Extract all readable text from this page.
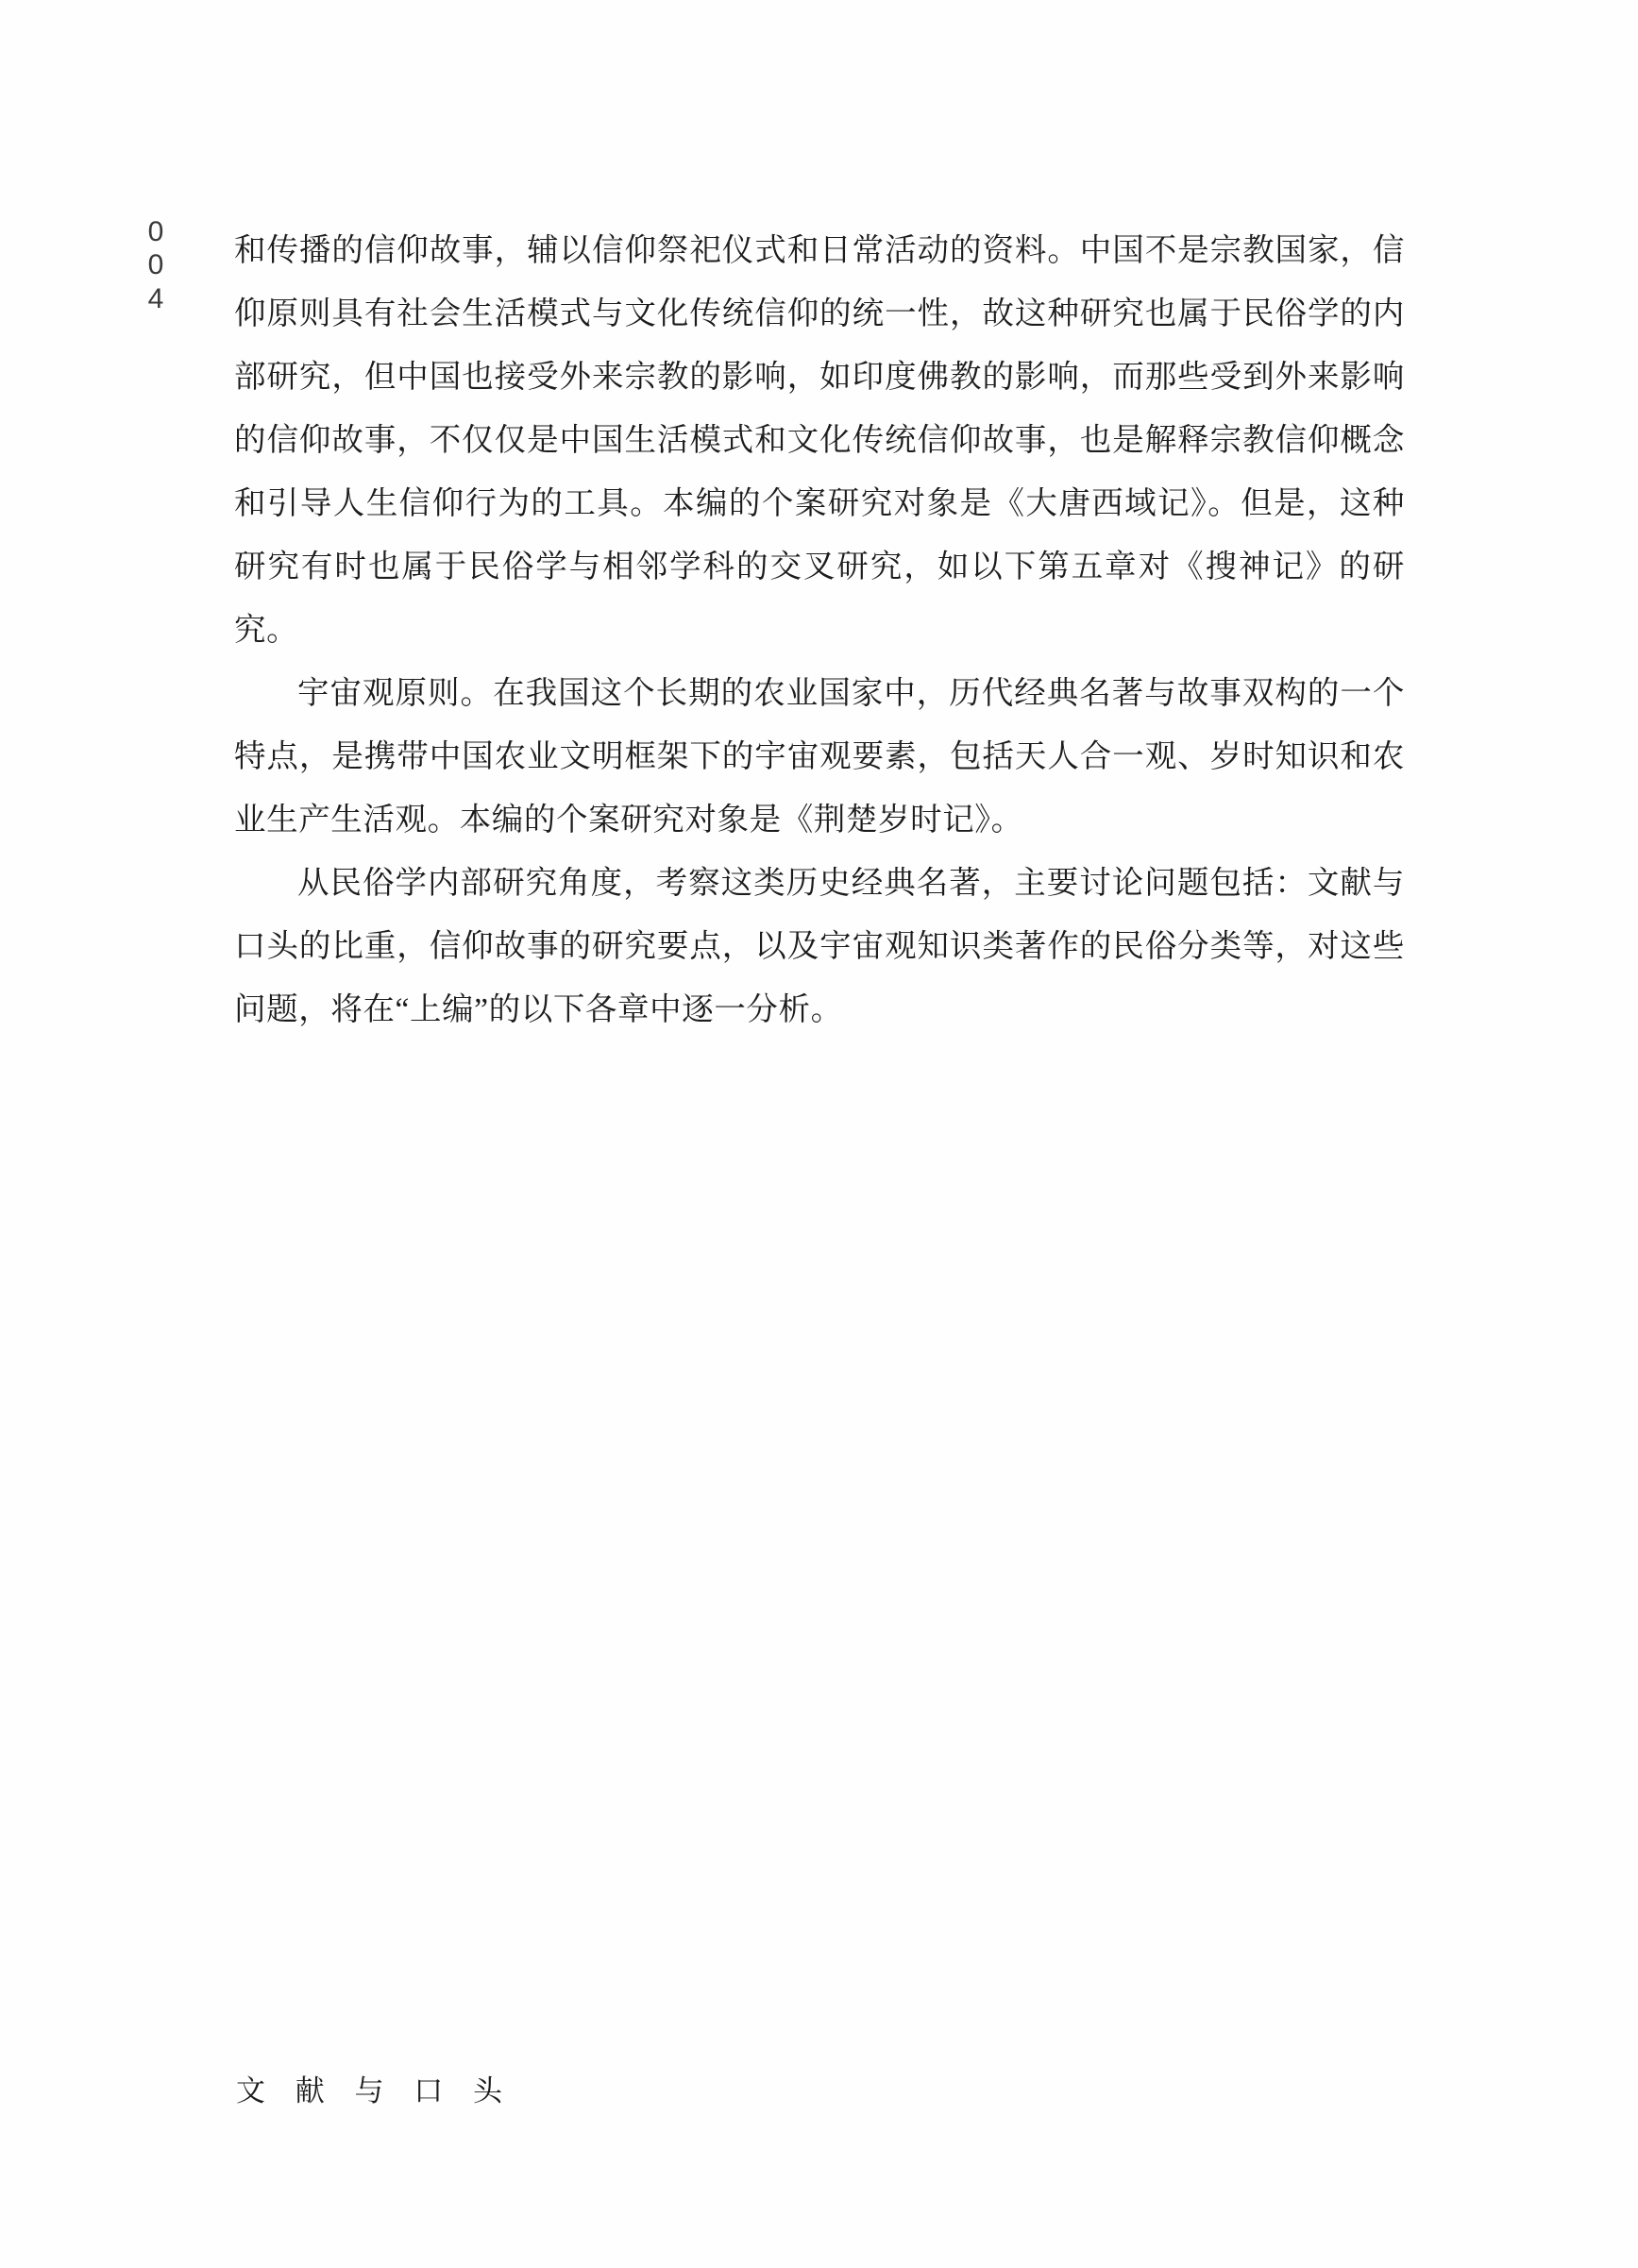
0
0
4

和传播的信仰故事，辅以信仰祭祀仪式和日常活动的资料。中国不是宗教国家，信仰原则具有社会生活模式与文化传统信仰的统一性，故这种研究也属于民俗学的内部研究，但中国也接受外来宗教的影响，如印度佛教的影响，而那些受到外来影响的信仰故事，不仅仅是中国生活模式和文化传统信仰故事，也是解释宗教信仰概念和引导人生信仰行为的工具。本编的个案研究对象是《大唐西域记》。但是，这种研究有时也属于民俗学与相邻学科的交叉研究，如以下第五章对《搜神记》的研究。

宇宙观原则。在我国这个长期的农业国家中，历代经典名著与故事双构的一个特点，是携带中国农业文明框架下的宇宙观要素，包括天人合一观、岁时知识和农业生产生活观。本编的个案研究对象是《荆楚岁时记》。

从民俗学内部研究角度，考察这类历史经典名著，主要讨论问题包括：文献与口头的比重，信仰故事的研究要点，以及宇宙观知识类著作的民俗分类等，对这些问题，将在“上编”的以下各章中逐一分析。

文 献 与 口 头
